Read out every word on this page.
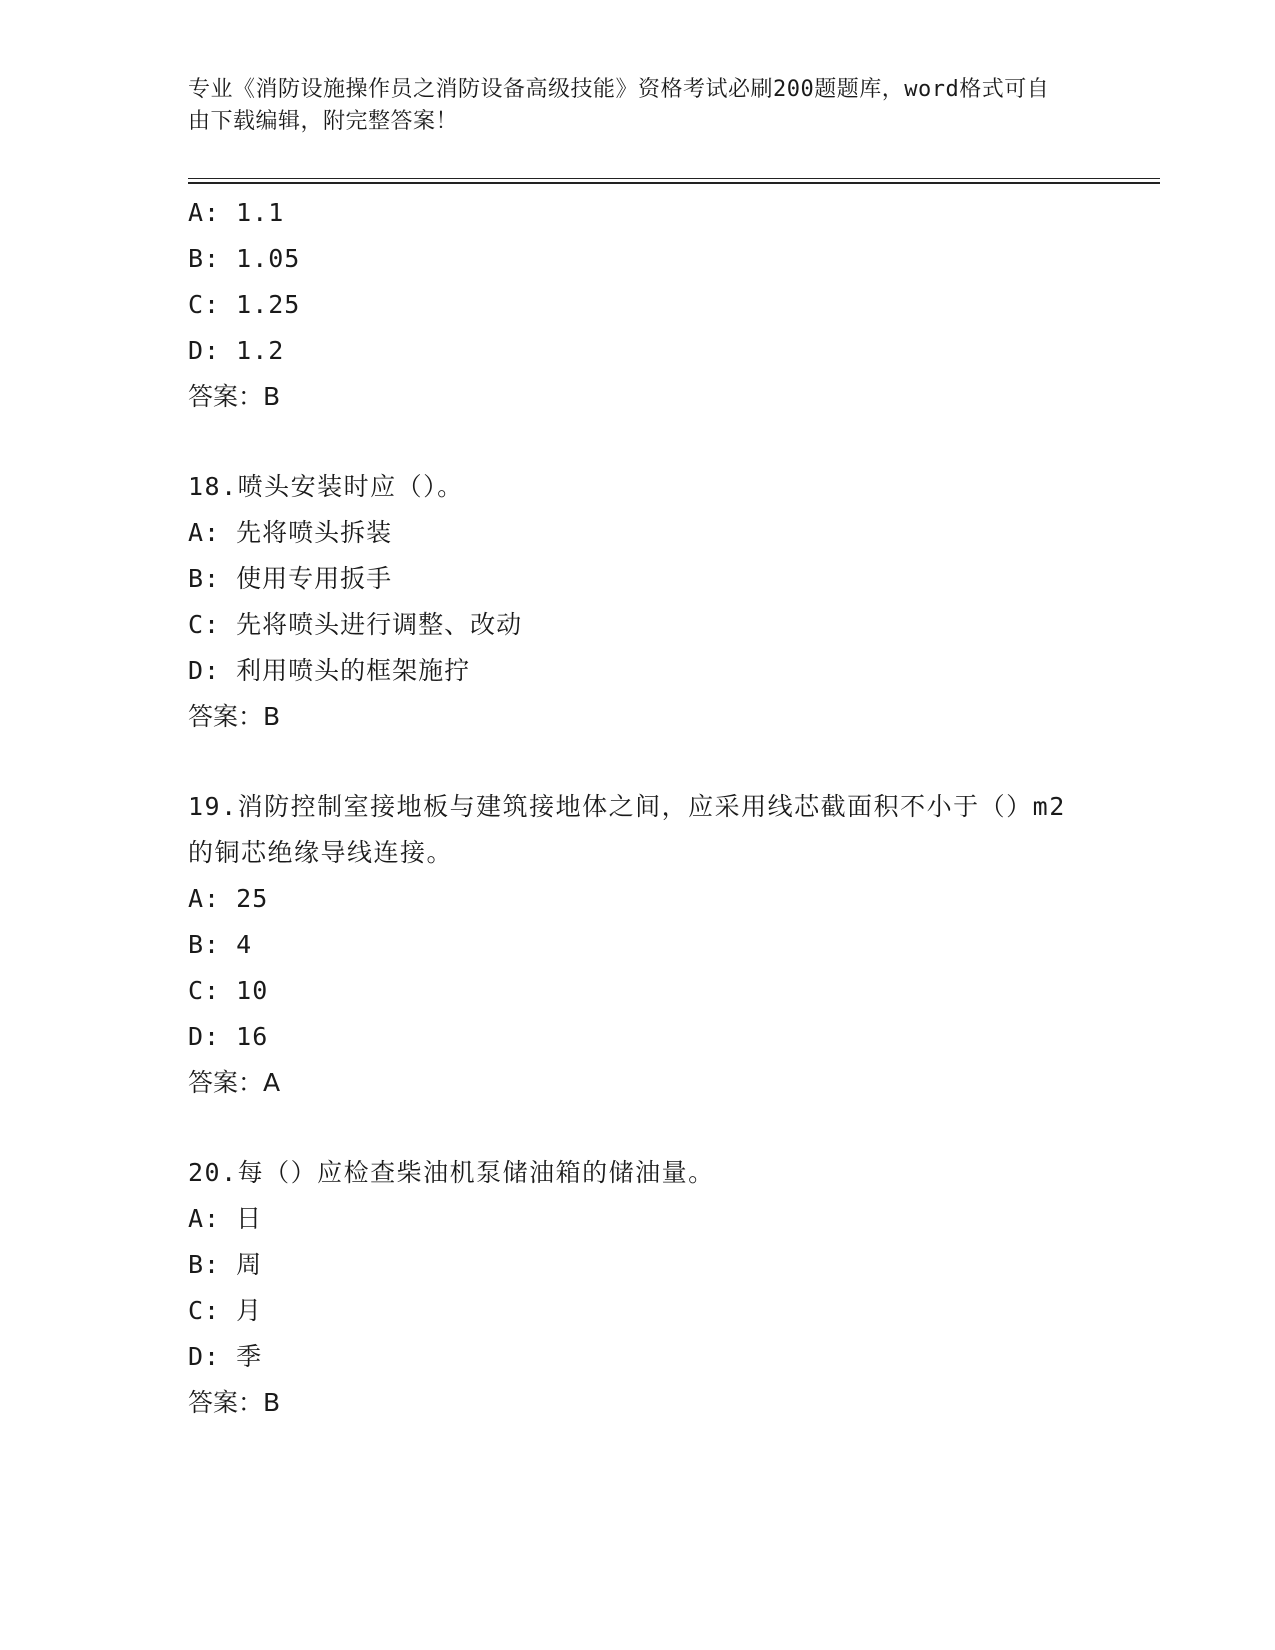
专业《消防设施操作员之消防设备高级技能》资格考试必刷200题题库，word格式可自由下载编辑，附完整答案！
A: 1.1
B: 1.05
C: 1.25
D: 1.2
答案：B
18.喷头安装时应（）。
A: 先将喷头拆装
B: 使用专用扳手
C: 先将喷头进行调整、改动
D: 利用喷头的框架施拧
答案：B
19.消防控制室接地板与建筑接地体之间，应采用线芯截面积不小于（）m2的铜芯绝缘导线连接。
A: 25
B: 4
C: 10
D: 16
答案：A
20.每（）应检查柴油机泵储油箱的储油量。
A: 日
B: 周
C: 月
D: 季
答案：B
